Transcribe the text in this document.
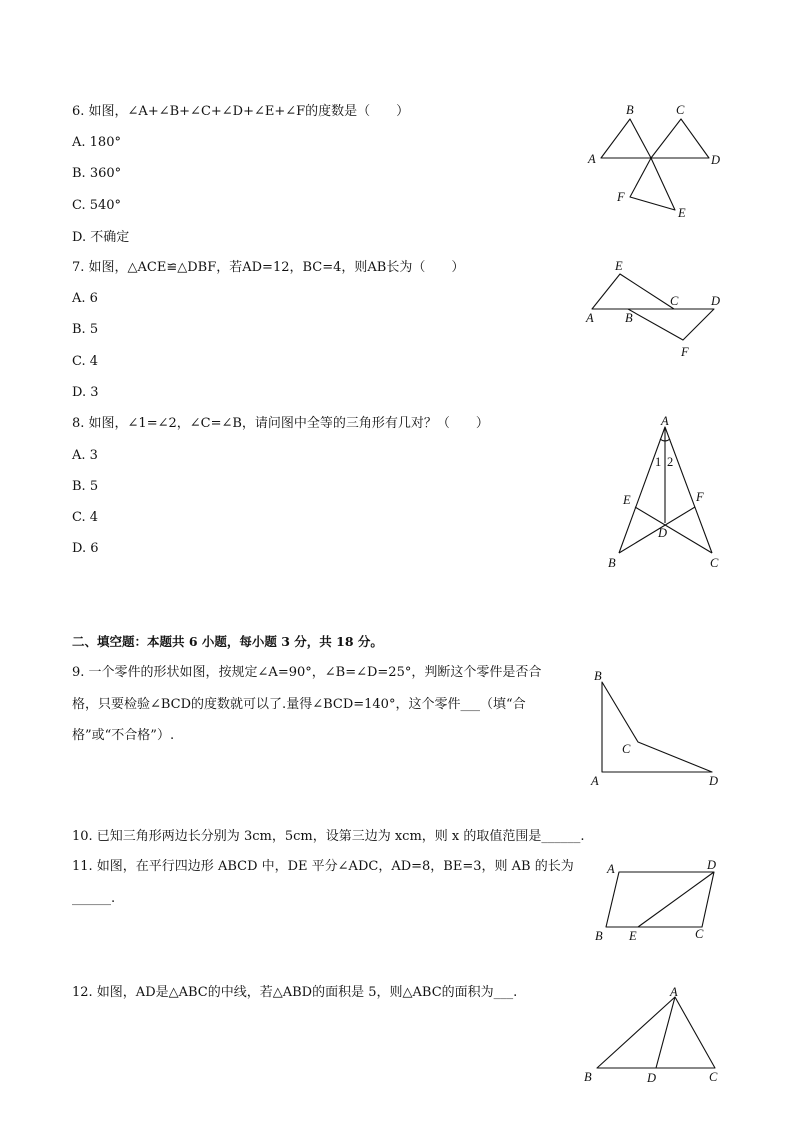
6. 如图，∠A+∠B+∠C+∠D+∠E+∠F的度数是（　　）
A. 180°
B. 360°
C. 540°
D. 不确定
B	C
A	D
F
E
7. 如图，△ACE≌△DBF，若AD=12，BC=4，则AB长为（　　）
A. 6
B. 5
C. 4
D. 3
E
A	B
C	D
F
8. 如图，∠1=∠2，∠C=∠B，请问图中全等的三角形有几对？（　　）
A. 3
B. 5
C. 4
D. 6
A
1 2
E	F
D
B	C
二、填空题：本题共 6 小题，每小题 3 分，共 18 分。
9. 一个零件的形状如图，按规定∠A=90°，∠B=∠D=25°，判断这个零件是否合
格，只要检验∠BCD的度数就可以了.量得∠BCD=140°，这个零件___（填“合
格”或“不合格”）.
B
C
A	D
10. 已知三角形两边长分别为 3cm，5cm，设第三边为 xcm，则 x 的取值范围是______.
11. 如图，在平行四边形 ABCD 中，DE 平分∠ADC，AD=8，BE=3，则 AB 的长为
______.
A	D
B E	C
12. 如图，AD是△ABC的中线，若△ABD的面积是 5，则△ABC的面积为___.	A
B	D	C
